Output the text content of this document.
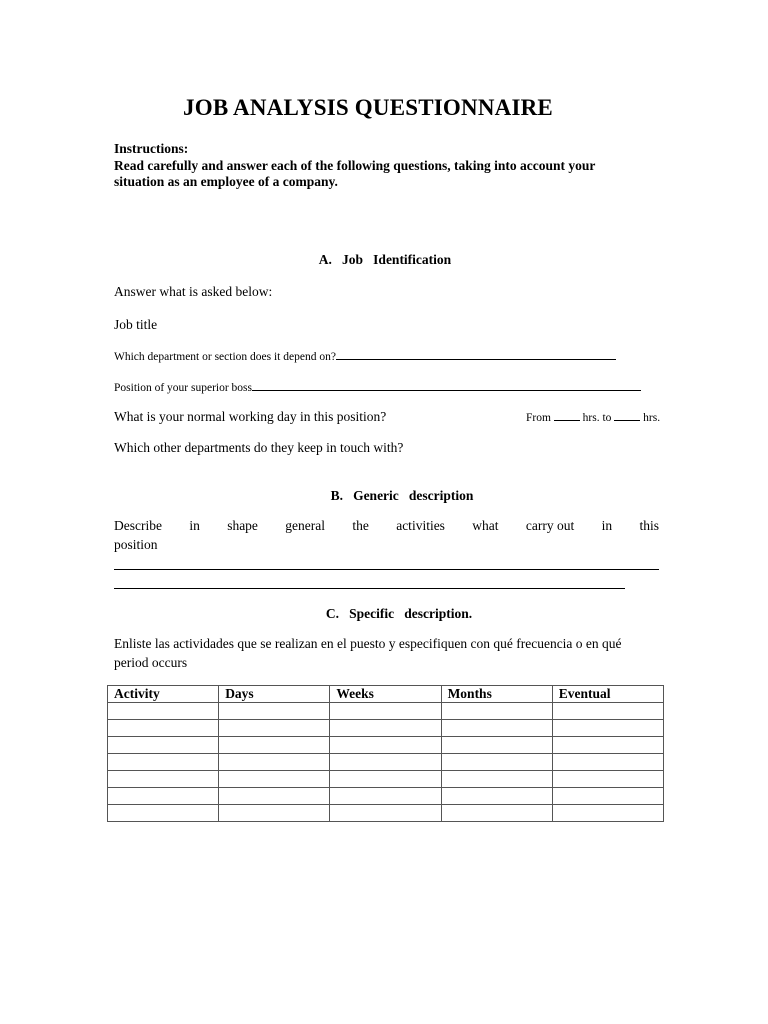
JOB ANALYSIS QUESTIONNAIRE
Instructions:
Read carefully and answer each of the following questions, taking into account your situation as an employee of a company.
A.   Job   Identification
Answer what is asked below:
Job title
Which department or section does it depend on?
Position of your superior boss
What is your normal working day in this position?	From	hrs. to	hrs.
Which other departments do they keep in touch with?
B.   Generic   description
Describe in shape general the activities what carry out in this
position
C.   Specific   description.
Enliste las actividades que se realizan en el puesto y especifiquen con qué frecuencia o en qué
period occurs
Activity	Days	Weeks	Months	Eventual
